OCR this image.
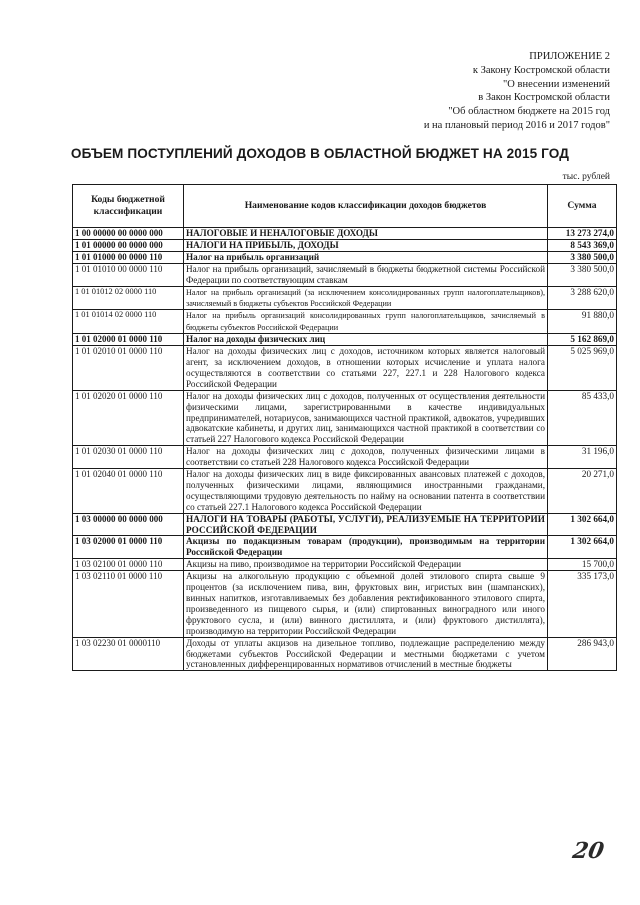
ПРИЛОЖЕНИЕ 2
к Закону Костромской области
"О внесении изменений
в Закон Костромской области
"Об областном бюджете на 2015 год
и на плановый период 2016 и 2017 годов"
ОБЪЕМ ПОСТУПЛЕНИЙ ДОХОДОВ В ОБЛАСТНОЙ БЮДЖЕТ НА 2015 ГОД
тыс. рублей
Коды бюджетной классификации	Наименование кодов классификации доходов бюджетов	Сумма
1 00 00000 00 0000 000	НАЛОГОВЫЕ И НЕНАЛОГОВЫЕ ДОХОДЫ	13 273 274,0
1 01 00000 00 0000 000	НАЛОГИ НА ПРИБЫЛЬ, ДОХОДЫ	8 543 369,0
1 01 01000 00 0000 110	Налог на прибыль организаций	3 380 500,0
1 01 01010 00 0000 110	Налог на прибыль организаций, зачисляемый в бюджеты бюджетной системы Российской Федерации по соответствующим ставкам	3 380 500,0
1 01 01012 02 0000 110	Налог на прибыль организаций (за исключением консолидированных групп налогоплательщиков), зачисляемый в бюджеты субъектов Российской Федерации	3 288 620,0
1 01 01014 02 0000 110	Налог на прибыль организаций консолидированных групп налогоплательщиков, зачисляемый в бюджеты субъектов Российской Федерации	91 880,0
1 01 02000 01 0000 110	Налог на доходы физических лиц	5 162 869,0
1 01 02010 01 0000 110	Налог на доходы физических лиц с доходов, источником которых является налоговый агент, за исключением доходов, в отношении которых исчисление и уплата налога осуществляются в соответствии со статьями 227, 227.1 и 228 Налогового кодекса Российской Федерации	5 025 969,0
1 01 02020 01 0000 110	Налог на доходы физических лиц с доходов, полученных от осуществления деятельности физическими лицами, зарегистрированными в качестве индивидуальных предпринимателей, нотариусов, занимающихся частной практикой, адвокатов, учредивших адвокатские кабинеты, и других лиц, занимающихся частной практикой в соответствии со статьей 227 Налогового кодекса Российской Федерации	85 433,0
1 01 02030 01 0000 110	Налог на доходы физических лиц с доходов, полученных физическими лицами в соответствии со статьей 228 Налогового кодекса Российской Федерации	31 196,0
1 01 02040 01 0000 110	Налог на доходы физических лиц в виде фиксированных авансовых платежей с доходов, полученных физическими лицами, являющимися иностранными гражданами, осуществляющими трудовую деятельность по найму на основании патента в соответствии со статьей 227.1 Налогового кодекса Российской Федерации	20 271,0
1 03 00000 00 0000 000	НАЛОГИ НА ТОВАРЫ (РАБОТЫ, УСЛУГИ), РЕАЛИЗУЕМЫЕ НА ТЕРРИТОРИИ РОССИЙСКОЙ ФЕДЕРАЦИИ	1 302 664,0
1 03 02000 01 0000 110	Акцизы по подакцизным товарам (продукции), производимым на территории Российской Федерации	1 302 664,0
1 03 02100 01 0000 110	Акцизы на пиво, производимое на территории Российской Федерации	15 700,0
1 03 02110 01 0000 110	Акцизы на алкогольную продукцию с объемной долей этилового спирта свыше 9 процентов (за исключением пива, вин, фруктовых вин, игристых вин (шампанских), винных напитков, изготавливаемых без добавления ректификованного этилового спирта, произведенного из пищевого сырья, и (или) спиртованных виноградного или иного фруктового сусла, и (или) винного дистиллята, и (или) фруктового дистиллята), производимую на территории Российской Федерации	335 173,0
1 03 02230 01 0000110	Доходы от уплаты акцизов на дизельное топливо, подлежащие распределению между бюджетами субъектов Российской Федерации и местными бюджетами с учетом установленных дифференцированных нормативов отчислений в местные бюджеты	286 943,0
20
